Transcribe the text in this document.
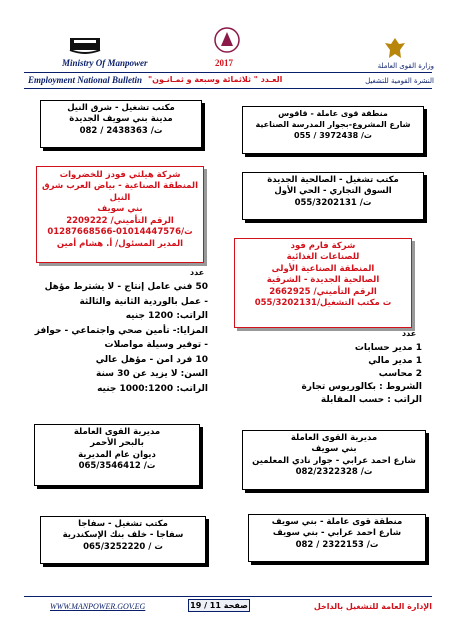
Ministry Of Manpower	2017	وزارة القوى العاملة
Employment National Bulletin العـدد " ثلاثمائة وسبعة و ثمـانـون"	النشرة القومية للتشغيل
منطقة قوى عاملة - قاقوس
شارع المشروع-بجوار المدرسة الصناعية
ت/ 3972438 / 055
مكتب تشغيل - شرق النيل
مدينة بني سويف الجديدة
ت/ 2438363 / 082
مكتب تشغيل - الصالحية الجديدة
السوق التجاري - الحي الأول
ت/ 055/3202131
شركة هيلثي فودز للخضروات
المنطقة الصناعية - بياض العرب شرق النيل
بني سويف
الرقم التأميني/ 2209222
ت/01014447576-01287668566
المدير المسئول/ أ. هشام أمين
عدد
50 فني عامل إنتاج - لا يشترط مؤهل
- عمل بالوردية الثانية والثالثة
الراتب: 1200 جنيه
المزايا:- تأمين صحي واجتماعي - حوافز
- توفير وسيلة مواصلات
10 فرد امن - مؤهل عالي
السن: لا يزيد عن 30 سنة
الراتب: 1000:1200 جنيه
شركة فارم فود
للصناعات الغذائية
المنطقة الصناعية الأولى
الصالحية الجديدة - الشرقية
الرقم التأميني/ 2662925
ت مكتب التشغيل/055/3202131
عدد
1 مدير حسابات
1 مدير مالي
2 محاسب
الشروط : بكالوريوس تجارة
الراتب : حسب المقابلة
مديرية القوى العاملة
بالبحر الأحمر
ديوان عام المديرية
ت/ 065/3546412
مديرية القوى العاملة
بني سويف
شارع احمد عرابي - جوار نادي المعلمين
ت/ 082/2322328
مكتب تشغيل - سفاجا
سفاجا - خلف بنك الإسكندرية
ت / 065/3252220
منطقة قوى عاملة - بني سويف
شارع احمد عرابي - بني سويف
ت/ 2322153 / 082
WWW.MANPOWER.GOV.EG	صفحة 11 / 19	الإدارة العامة للتشغيل بالداخل
